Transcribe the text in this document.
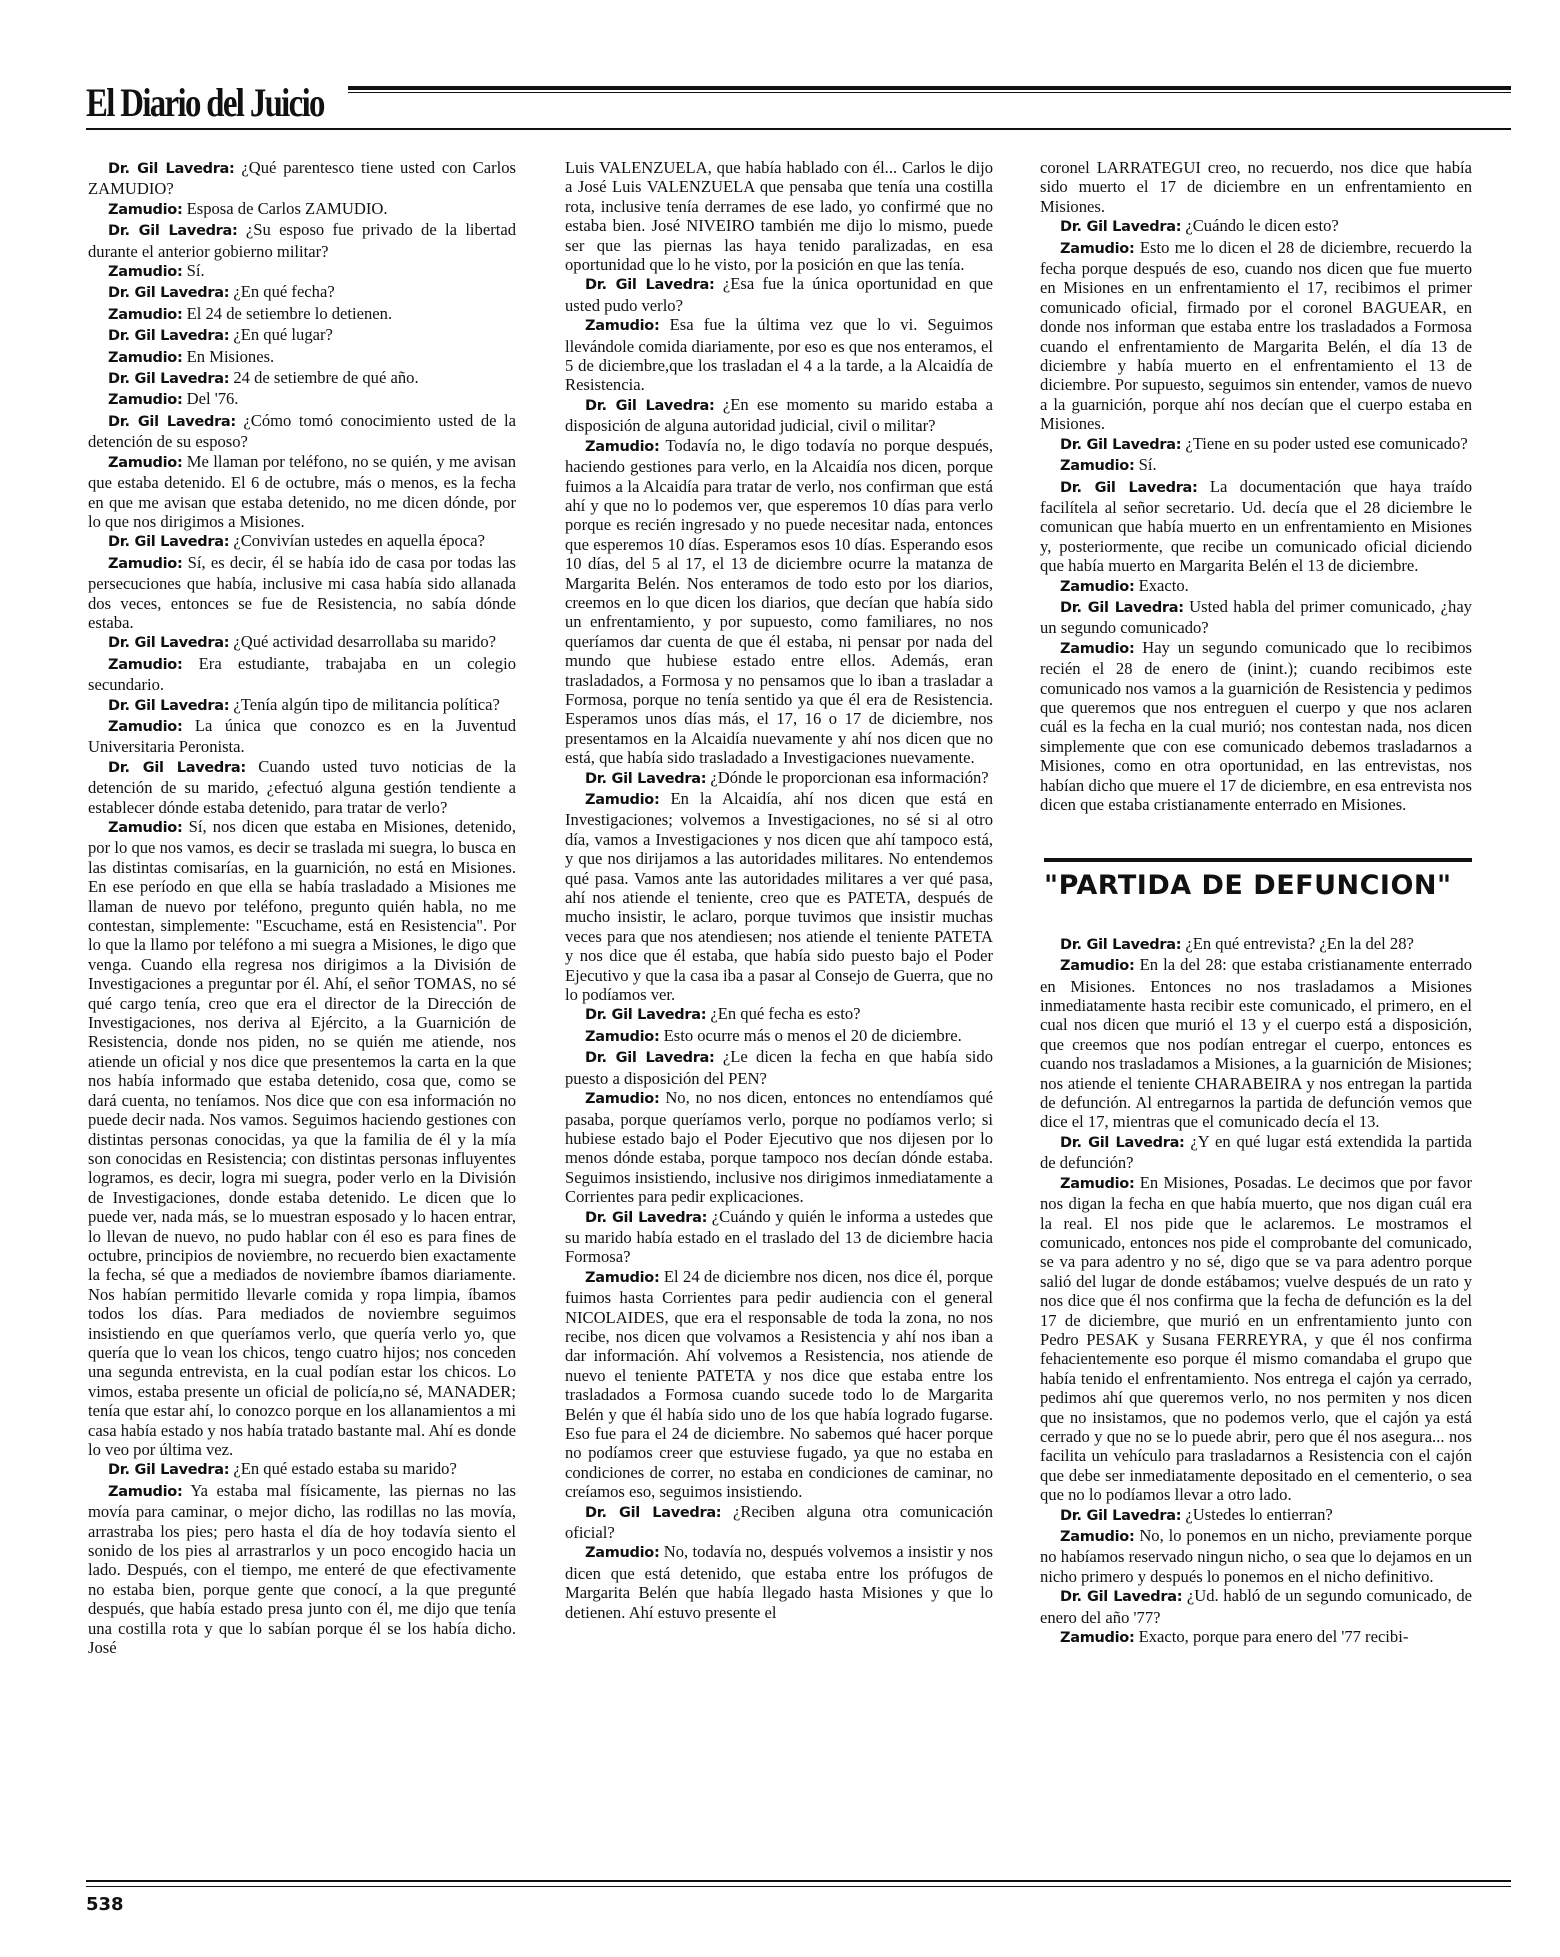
El Diario del Juicio

Dr. Gil Lavedra: ¿Qué parentesco tiene usted con Carlos ZAMUDIO?

Zamudio: Esposa de Carlos ZAMUDIO.

Dr. Gil Lavedra: ¿Su esposo fue privado de la libertad durante el anterior gobierno militar?

Zamudio: Sí.

Dr. Gil Lavedra: ¿En qué fecha?

Zamudio: El 24 de setiembre lo detienen.

Dr. Gil Lavedra: ¿En qué lugar?

Zamudio: En Misiones.

Dr. Gil Lavedra: 24 de setiembre de qué año.

Zamudio: Del '76.

Dr. Gil Lavedra: ¿Cómo tomó conocimiento usted de la detención de su esposo?

Zamudio: Me llaman por teléfono, no se quién, y me avisan que estaba detenido. El 6 de octubre, más o menos, es la fecha en que me avisan que estaba detenido, no me dicen dónde, por lo que nos dirigimos a Misiones.

Dr. Gil Lavedra: ¿Convivían ustedes en aquella época?

Zamudio: Sí, es decir, él se había ido de casa por todas las persecuciones que había, inclusive mi casa había sido allanada dos veces, entonces se fue de Resistencia, no sabía dónde estaba.

Dr. Gil Lavedra: ¿Qué actividad desarrollaba su marido?

Zamudio: Era estudiante, trabajaba en un colegio secundario.

Dr. Gil Lavedra: ¿Tenía algún tipo de militancia política?

Zamudio: La única que conozco es en la Juventud Universitaria Peronista.

Dr. Gil Lavedra: Cuando usted tuvo noticias de la detención de su marido, ¿efectuó alguna gestión tendiente a establecer dónde estaba detenido, para tratar de verlo?

Zamudio: Sí, nos dicen que estaba en Misiones, detenido, por lo que nos vamos, es decir se traslada mi suegra, lo busca en las distintas comisarías, en la guarnición, no está en Misiones. En ese período en que ella se había trasladado a Misiones me llaman de nuevo por teléfono, pregunto quién habla, no me contestan, simplemente: "Escuchame, está en Resistencia". Por lo que la llamo por teléfono a mi suegra a Misiones, le digo que venga. Cuando ella regresa nos dirigimos a la División de Investigaciones a preguntar por él. Ahí, el señor TOMAS, no sé qué cargo tenía, creo que era el director de la Dirección de Investigaciones, nos deriva al Ejército, a la Guarnición de Resistencia, donde nos piden, no se quién me atiende, nos atiende un oficial y nos dice que presentemos la carta en la que nos había informado que estaba detenido, cosa que, como se dará cuenta, no teníamos. Nos dice que con esa información no puede decir nada. Nos vamos. Seguimos haciendo gestiones con distintas personas conocidas, ya que la familia de él y la mía son conocidas en Resistencia; con distintas personas influyentes logramos, es decir, logra mi suegra, poder verlo en la División de Investigaciones, donde estaba detenido. Le dicen que lo puede ver, nada más, se lo muestran esposado y lo hacen entrar, lo llevan de nuevo, no pudo hablar con él eso es para fines de octubre, principios de noviembre, no recuerdo bien exactamente la fecha, sé que a mediados de noviembre íbamos diariamente. Nos habían permitido llevarle comida y ropa limpia, íbamos todos los días. Para mediados de noviembre seguimos insistiendo en que queríamos verlo, que quería verlo yo, que quería que lo vean los chicos, tengo cuatro hijos; nos conceden una segunda entrevista, en la cual podían estar los chicos. Lo vimos, estaba presente un oficial de policía,no sé, MANADER; tenía que estar ahí, lo conozco porque en los allanamientos a mi casa había estado y nos había tratado bastante mal. Ahí es donde lo veo por última vez.

Dr. Gil Lavedra: ¿En qué estado estaba su marido?

Zamudio: Ya estaba mal físicamente, las piernas no las movía para caminar, o mejor dicho, las rodillas no las movía, arrastraba los pies; pero hasta el día de hoy todavía siento el sonido de los pies al arrastrarlos y un poco encogido hacia un lado. Después, con el tiempo, me enteré de que efectivamente no estaba bien, porque gente que conocí, a la que pregunté después, que había estado presa junto con él, me dijo que tenía una costilla rota y que lo sabían porque él se los había dicho. José

Luis VALENZUELA, que había hablado con él... Carlos le dijo a José Luis VALENZUELA que pensaba que tenía una costilla rota, inclusive tenía derrames de ese lado, yo confirmé que no estaba bien. José NIVEIRO también me dijo lo mismo, puede ser que las piernas las haya tenido paralizadas, en esa oportunidad que lo he visto, por la posición en que las tenía.

Dr. Gil Lavedra: ¿Esa fue la única oportunidad en que usted pudo verlo?

Zamudio: Esa fue la última vez que lo vi. Seguimos llevándole comida diariamente, por eso es que nos enteramos, el 5 de diciembre,que los trasladan el 4 a la tarde, a la Alcaidía de Resistencia.

Dr. Gil Lavedra: ¿En ese momento su marido estaba a disposición de alguna autoridad judicial, civil o militar?

Zamudio: Todavía no, le digo todavía no porque después, haciendo gestiones para verlo, en la Alcaidía nos dicen, porque fuimos a la Alcaidía para tratar de verlo, nos confirman que está ahí y que no lo podemos ver, que esperemos 10 días para verlo porque es recién ingresado y no puede necesitar nada, entonces que esperemos 10 días. Esperamos esos 10 días. Esperando esos 10 días, del 5 al 17, el 13 de diciembre ocurre la matanza de Margarita Belén. Nos enteramos de todo esto por los diarios, creemos en lo que dicen los diarios, que decían que había sido un enfrentamiento, y por supuesto, como familiares, no nos queríamos dar cuenta de que él estaba, ni pensar por nada del mundo que hubiese estado entre ellos. Además, eran trasladados, a Formosa y no pensamos que lo iban a trasladar a Formosa, porque no tenía sentido ya que él era de Resistencia. Esperamos unos días más, el 17, 16 o 17 de diciembre, nos presentamos en la Alcaidía nuevamente y ahí nos dicen que no está, que había sido trasladado a Investigaciones nuevamente.

Dr. Gil Lavedra: ¿Dónde le proporcionan esa información?

Zamudio: En la Alcaidía, ahí nos dicen que está en Investigaciones; volvemos a Investigaciones, no sé si al otro día, vamos a Investigaciones y nos dicen que ahí tampoco está, y que nos dirijamos a las autoridades militares. No entendemos qué pasa. Vamos ante las autoridades militares a ver qué pasa, ahí nos atiende el teniente, creo que es PATETA, después de mucho insistir, le aclaro, porque tuvimos que insistir muchas veces para que nos atendiesen; nos atiende el teniente PATETA y nos dice que él estaba, que había sido puesto bajo el Poder Ejecutivo y que la casa iba a pasar al Consejo de Guerra, que no lo podíamos ver.

Dr. Gil Lavedra: ¿En qué fecha es esto?

Zamudio: Esto ocurre más o menos el 20 de diciembre.

Dr. Gil Lavedra: ¿Le dicen la fecha en que había sido puesto a disposición del PEN?

Zamudio: No, no nos dicen, entonces no entendíamos qué pasaba, porque queríamos verlo, porque no podíamos verlo; si hubiese estado bajo el Poder Ejecutivo que nos dijesen por lo menos dónde estaba, porque tampoco nos decían dónde estaba. Seguimos insistiendo, inclusive nos dirigimos inmediatamente a Corrientes para pedir explicaciones.

Dr. Gil Lavedra: ¿Cuándo y quién le informa a ustedes que su marido había estado en el traslado del 13 de diciembre hacia Formosa?

Zamudio: El 24 de diciembre nos dicen, nos dice él, porque fuimos hasta Corrientes para pedir audiencia con el general NICOLAIDES, que era el responsable de toda la zona, no nos recibe, nos dicen que volvamos a Resistencia y ahí nos iban a dar información. Ahí volvemos a Resistencia, nos atiende de nuevo el teniente PATETA y nos dice que estaba entre los trasladados a Formosa cuando sucede todo lo de Margarita Belén y que él había sido uno de los que había logrado fugarse. Eso fue para el 24 de diciembre. No sabemos qué hacer porque no podíamos creer que estuviese fugado, ya que no estaba en condiciones de correr, no estaba en condiciones de caminar, no creíamos eso, seguimos insistiendo.

Dr. Gil Lavedra: ¿Reciben alguna otra comunicación oficial?

Zamudio: No, todavía no, después volvemos a insistir y nos dicen que está detenido, que estaba entre los prófugos de Margarita Belén que había llegado hasta Misiones y que lo detienen. Ahí estuvo presente el

coronel LARRATEGUI creo, no recuerdo, nos dice que había sido muerto el 17 de diciembre en un enfrentamiento en Misiones.

Dr. Gil Lavedra: ¿Cuándo le dicen esto?

Zamudio: Esto me lo dicen el 28 de diciembre, recuerdo la fecha porque después de eso, cuando nos dicen que fue muerto en Misiones en un enfrentamiento el 17, recibimos el primer comunicado oficial, firmado por el coronel BAGUEAR, en donde nos informan que estaba entre los trasladados a Formosa cuando el enfrentamiento de Margarita Belén, el día 13 de diciembre y había muerto en el enfrentamiento el 13 de diciembre. Por supuesto, seguimos sin entender, vamos de nuevo a la guarnición, porque ahí nos decían que el cuerpo estaba en Misiones.

Dr. Gil Lavedra: ¿Tiene en su poder usted ese comunicado?

Zamudio: Sí.

Dr. Gil Lavedra: La documentación que haya traído facilítela al señor secretario. Ud. decía que el 28 diciembre le comunican que había muerto en un enfrentamiento en Misiones y, posteriormente, que recibe un comunicado oficial diciendo que había muerto en Margarita Belén el 13 de diciembre.

Zamudio: Exacto.

Dr. Gil Lavedra: Usted habla del primer comunicado, ¿hay un segundo comunicado?

Zamudio: Hay un segundo comunicado que lo recibimos recién el 28 de enero de (inint.); cuando recibimos este comunicado nos vamos a la guarnición de Resistencia y pedimos que queremos que nos entreguen el cuerpo y que nos aclaren cuál es la fecha en la cual murió; nos contestan nada, nos dicen simplemente que con ese comunicado debemos trasladarnos a Misiones, como en otra oportunidad, en las entrevistas, nos habían dicho que muere el 17 de diciembre, en esa entrevista nos dicen que estaba cristianamente enterrado en Misiones.

"PARTIDA DE DEFUNCION"

Dr. Gil Lavedra: ¿En qué entrevista? ¿En la del 28?

Zamudio: En la del 28: que estaba cristianamente enterrado en Misiones. Entonces no nos trasladamos a Misiones inmediatamente hasta recibir este comunicado, el primero, en el cual nos dicen que murió el 13 y el cuerpo está a disposición, que creemos que nos podían entregar el cuerpo, entonces es cuando nos trasladamos a Misiones, a la guarnición de Misiones; nos atiende el teniente CHARABEIRA y nos entregan la partida de defunción. Al entregarnos la partida de defunción vemos que dice el 17, mientras que el comunicado decía el 13.

Dr. Gil Lavedra: ¿Y en qué lugar está extendida la partida de defunción?

Zamudio: En Misiones, Posadas. Le decimos que por favor nos digan la fecha en que había muerto, que nos digan cuál era la real. El nos pide que le aclaremos. Le mostramos el comunicado, entonces nos pide el comprobante del comunicado, se va para adentro y no sé, digo que se va para adentro porque salió del lugar de donde estábamos; vuelve después de un rato y nos dice que él nos confirma que la fecha de defunción es la del 17 de diciembre, que murió en un enfrentamiento junto con Pedro PESAK y Susana FERREYRA, y que él nos confirma fehacientemente eso porque él mismo comandaba el grupo que había tenido el enfrentamiento. Nos entrega el cajón ya cerrado, pedimos ahí que queremos verlo, no nos permiten y nos dicen que no insistamos, que no podemos verlo, que el cajón ya está cerrado y que no se lo puede abrir, pero que él nos asegura... nos facilita un vehículo para trasladarnos a Resistencia con el cajón que debe ser inmediatamente depositado en el cementerio, o sea que no lo podíamos llevar a otro lado.

Dr. Gil Lavedra: ¿Ustedes lo entierran?

Zamudio: No, lo ponemos en un nicho, previamente porque no habíamos reservado ningun nicho, o sea que lo dejamos en un nicho primero y después lo ponemos en el nicho definitivo.

Dr. Gil Lavedra: ¿Ud. habló de un segundo comunicado, de enero del año '77?

Zamudio: Exacto, porque para enero del '77 recibi-

538
